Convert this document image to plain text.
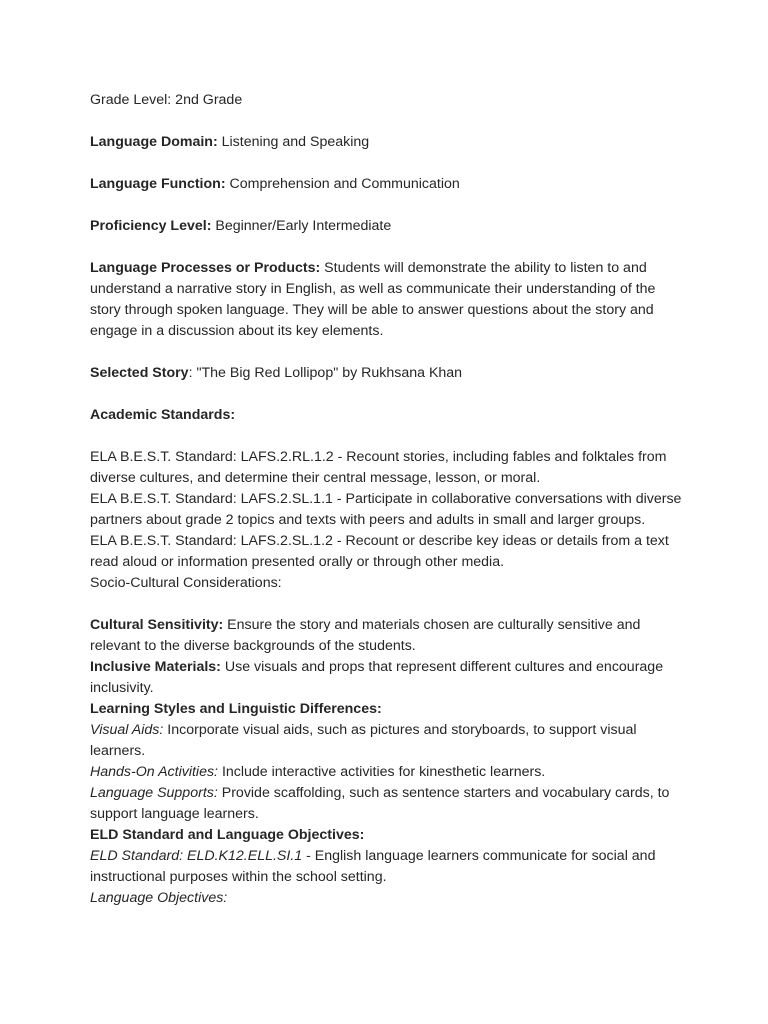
Grade Level: 2nd Grade

Language Domain: Listening and Speaking

Language Function: Comprehension and Communication

Proficiency Level: Beginner/Early Intermediate

Language Processes or Products: Students will demonstrate the ability to listen to and understand a narrative story in English, as well as communicate their understanding of the story through spoken language. They will be able to answer questions about the story and engage in a discussion about its key elements.

Selected Story: "The Big Red Lollipop" by Rukhsana Khan

Academic Standards:

ELA B.E.S.T. Standard: LAFS.2.RL.1.2 - Recount stories, including fables and folktales from diverse cultures, and determine their central message, lesson, or moral.

ELA B.E.S.T. Standard: LAFS.2.SL.1.1 - Participate in collaborative conversations with diverse partners about grade 2 topics and texts with peers and adults in small and larger groups.

ELA B.E.S.T. Standard: LAFS.2.SL.1.2 - Recount or describe key ideas or details from a text read aloud or information presented orally or through other media.

Socio-Cultural Considerations:

Cultural Sensitivity: Ensure the story and materials chosen are culturally sensitive and relevant to the diverse backgrounds of the students.

Inclusive Materials: Use visuals and props that represent different cultures and encourage inclusivity.

Learning Styles and Linguistic Differences:

Visual Aids: Incorporate visual aids, such as pictures and storyboards, to support visual learners.

Hands-On Activities: Include interactive activities for kinesthetic learners.

Language Supports: Provide scaffolding, such as sentence starters and vocabulary cards, to support language learners.

ELD Standard and Language Objectives:

ELD Standard: ELD.K12.ELL.SI.1 - English language learners communicate for social and instructional purposes within the school setting.

Language Objectives:
